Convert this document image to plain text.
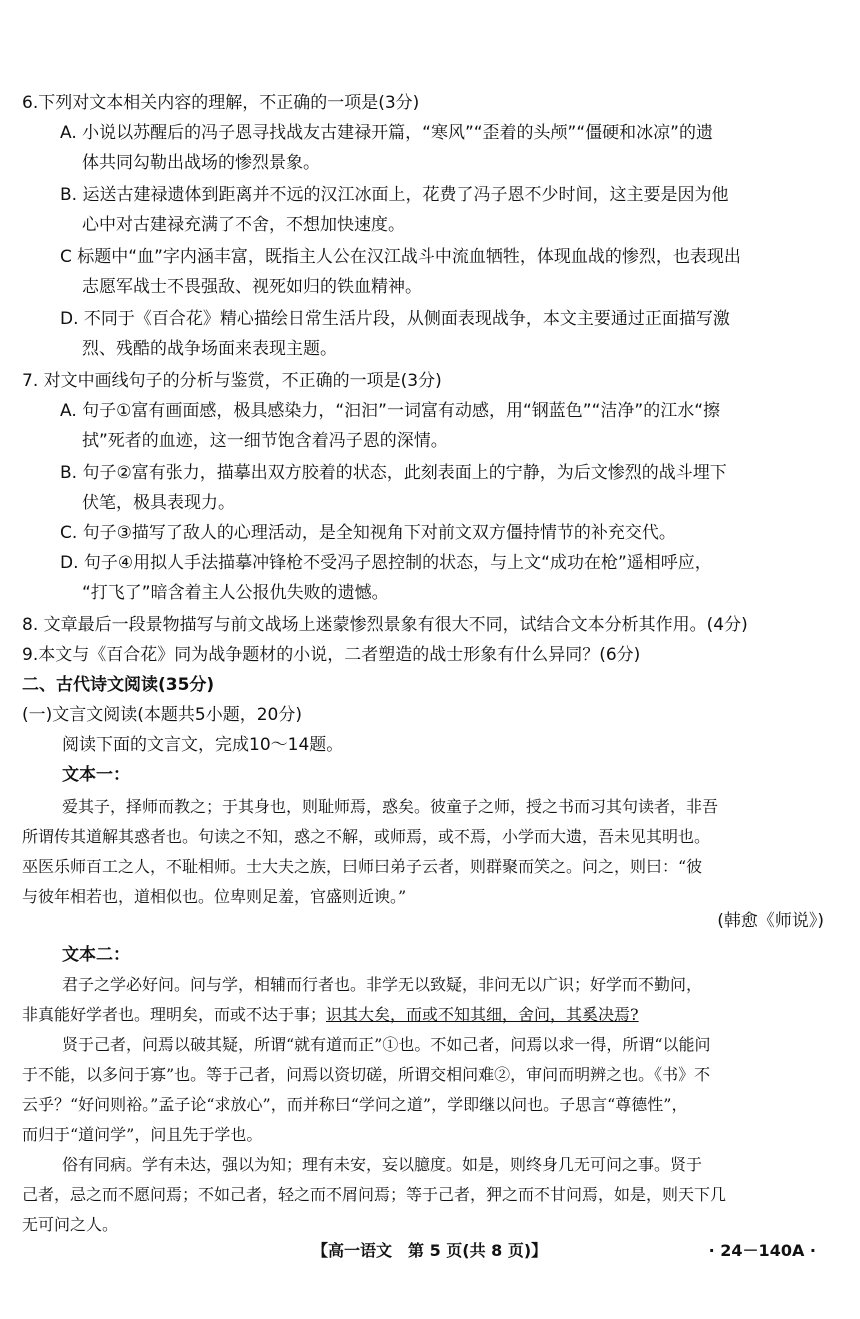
6.下列对文本相关内容的理解，不正确的一项是(3分)
A. 小说以苏醒后的冯子恩寻找战友古建禄开篇，“寒风”“歪着的头颅”“僵硬和冰凉”的遗
体共同勾勒出战场的惨烈景象。
B. 运送古建禄遗体到距离并不远的汉江冰面上，花费了冯子恩不少时间，这主要是因为他
心中对古建禄充满了不舍，不想加快速度。
C 标题中“血”字内涵丰富，既指主人公在汉江战斗中流血牺牲，体现血战的惨烈，也表现出
志愿军战士不畏强敌、视死如归的铁血精神。
D. 不同于《百合花》精心描绘日常生活片段，从侧面表现战争，本文主要通过正面描写激
烈、残酷的战争场面来表现主题。
7. 对文中画线句子的分析与鉴赏，不正确的一项是(3分)
A. 句子①富有画面感，极具感染力，“汩汩”一词富有动感，用“钢蓝色”“洁净”的江水“擦
拭”死者的血迹，这一细节饱含着冯子恩的深情。
B. 句子②富有张力，描摹出双方胶着的状态，此刻表面上的宁静，为后文惨烈的战斗埋下
伏笔，极具表现力。
C. 句子③描写了敌人的心理活动，是全知视角下对前文双方僵持情节的补充交代。
D. 句子④用拟人手法描摹冲锋枪不受冯子恩控制的状态，与上文“成功在枪”遥相呼应，
“打飞了”暗含着主人公报仇失败的遗憾。
8. 文章最后一段景物描写与前文战场上迷蒙惨烈景象有很大不同，试结合文本分析其作用。(4分)
9.本文与《百合花》同为战争题材的小说，二者塑造的战士形象有什么异同？(6分)
二、古代诗文阅读(35分)
(一)文言文阅读(本题共5小题，20分)
阅读下面的文言文，完成10～14题。
文本一：
爱其子，择师而教之；于其身也，则耻师焉，惑矣。彼童子之师，授之书而习其句读者，非吾
所谓传其道解其惑者也。句读之不知，惑之不解，或师焉，或不焉，小学而大遗，吾未见其明也。
巫医乐师百工之人，不耻相师。士大夫之族，曰师曰弟子云者，则群聚而笑之。问之，则曰：“彼
与彼年相若也，道相似也。位卑则足羞，官盛则近谀。”
(韩愈《师说》)
文本二：
君子之学必好问。问与学，相辅而行者也。非学无以致疑，非问无以广识；好学而不勤问，
非真能好学者也。理明矣，而或不达于事；识其大矣，而或不知其细，舍问，其奚决焉?
贤于己者，问焉以破其疑，所谓“就有道而正”①也。不如己者，问焉以求一得，所谓“以能问
于不能，以多问于寡”也。等于己者，问焉以资切磋，所谓交相问难②，审问而明辨之也。《书》不
云乎？“好问则裕。”孟子论“求放心”，而并称曰“学问之道”，学即继以问也。子思言“尊德性”，
而归于“道问学”，问且先于学也。
俗有同病。学有未达，强以为知；理有未安，妄以臆度。如是，则终身几无可问之事。贤于
己者，忌之而不愿问焉；不如己者，轻之而不屑问焉；等于己者，狎之而不甘问焉，如是，则天下几
无可问之人。
【高一语文　第 5 页(共 8 页)】	· 24－140A ·
